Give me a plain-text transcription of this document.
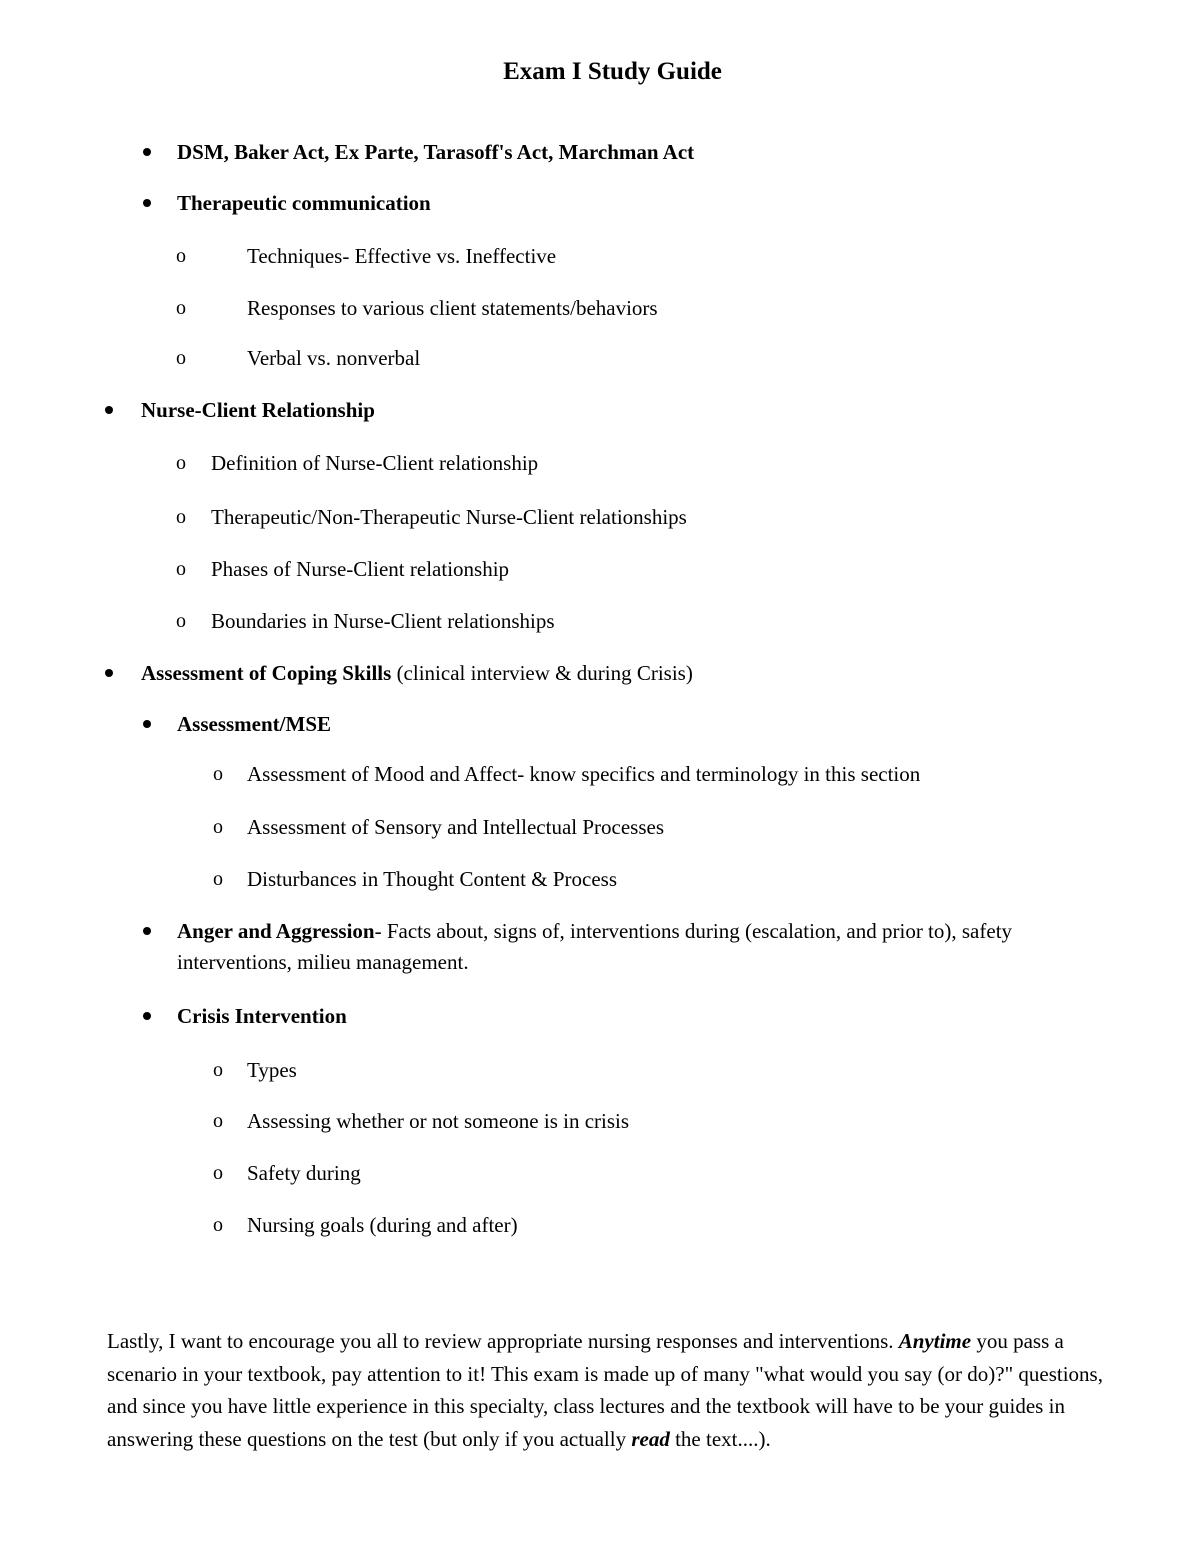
Exam I Study Guide
DSM, Baker Act, Ex Parte, Tarasoff's Act, Marchman Act
Therapeutic communication
o	Techniques- Effective vs. Ineffective
o	Responses to various client statements/behaviors
o	Verbal vs. nonverbal
Nurse-Client Relationship
o Definition of Nurse-Client relationship
o Therapeutic/Non-Therapeutic Nurse-Client relationships
o Phases of Nurse-Client relationship
o Boundaries in Nurse-Client relationships
Assessment of Coping Skills (clinical interview & during Crisis)
Assessment/MSE
o Assessment of Mood and Affect- know specifics and terminology in this section
o Assessment of Sensory and Intellectual Processes
o Disturbances in Thought Content & Process
Anger and Aggression- Facts about, signs of, interventions during (escalation, and prior to), safety
interventions, milieu management.
Crisis Intervention
o Types
o Assessing whether or not someone is in crisis
o Safety during
o Nursing goals (during and after)
Lastly, I want to encourage you all to review appropriate nursing responses and interventions. Anytime you pass a scenario in your textbook, pay attention to it! This exam is made up of many "what would you say (or do)?" questions, and since you have little experience in this specialty, class lectures and the textbook will have to be your guides in answering these questions on the test (but only if you actually read the text....).
